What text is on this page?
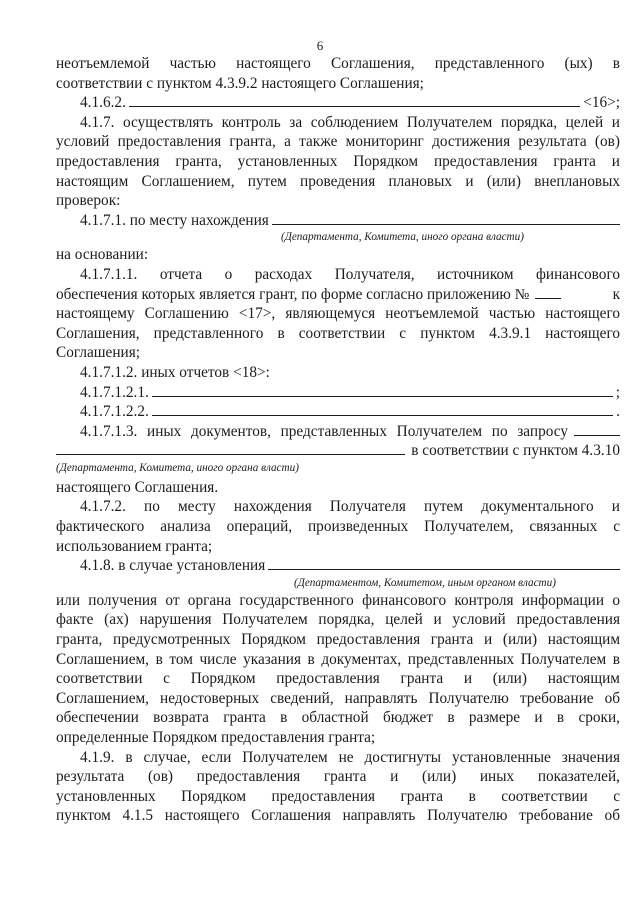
6
неотъемлемой частью настоящего Соглашения, представленного (ых) в
соответствии с пунктом 4.3.9.2 настоящего Соглашения;
4.1.6.2.	<16>;
4.1.7. осуществлять контроль за соблюдением Получателем порядка, целей и
условий предоставления гранта, а также мониторинг достижения результата (ов)
предоставления гранта, установленных Порядком предоставления гранта и
настоящим Соглашением, путем проведения плановых и (или) внеплановых
проверок:
4.1.7.1. по месту нахождения
(Департамента, Комитета, иного органа власти)
на основании:
4.1.7.1.1. отчета о расходах Получателя, источником финансового
обеспечения которых является грант, по форме согласно приложению №	к
настоящему Соглашению <17>, являющемуся неотъемлемой частью настоящего
Соглашения, представленного в соответствии с пунктом 4.3.9.1 настоящего
Соглашения;
4.1.7.1.2. иных отчетов <18>:
4.1.7.1.2.1.	;
4.1.7.1.2.2.	.
4.1.7.1.3. иных документов, представленных Получателем по запросу
в соответствии с пунктом 4.3.10
(Департамента, Комитета, иного органа власти)
настоящего Соглашения.
4.1.7.2. по месту нахождения Получателя путем документального и
фактического анализа операций, произведенных Получателем, связанных с
использованием гранта;
4.1.8. в случае установления
(Департаментом, Комитетом, иным органом власти)
или получения от органа государственного финансового контроля информации о
факте (ах) нарушения Получателем порядка, целей и условий предоставления
гранта, предусмотренных Порядком предоставления гранта и (или) настоящим
Соглашением, в том числе указания в документах, представленных Получателем в
соответствии с Порядком предоставления гранта и (или) настоящим
Соглашением, недостоверных сведений, направлять Получателю требование об
обеспечении возврата гранта в областной бюджет в размере и в сроки,
определенные Порядком предоставления гранта;
4.1.9. в случае, если Получателем не достигнуты установленные значения
результата (ов) предоставления гранта и (или) иных показателей,
установленных Порядком предоставления гранта в соответствии с
пунктом 4.1.5 настоящего Соглашения направлять Получателю требование об
